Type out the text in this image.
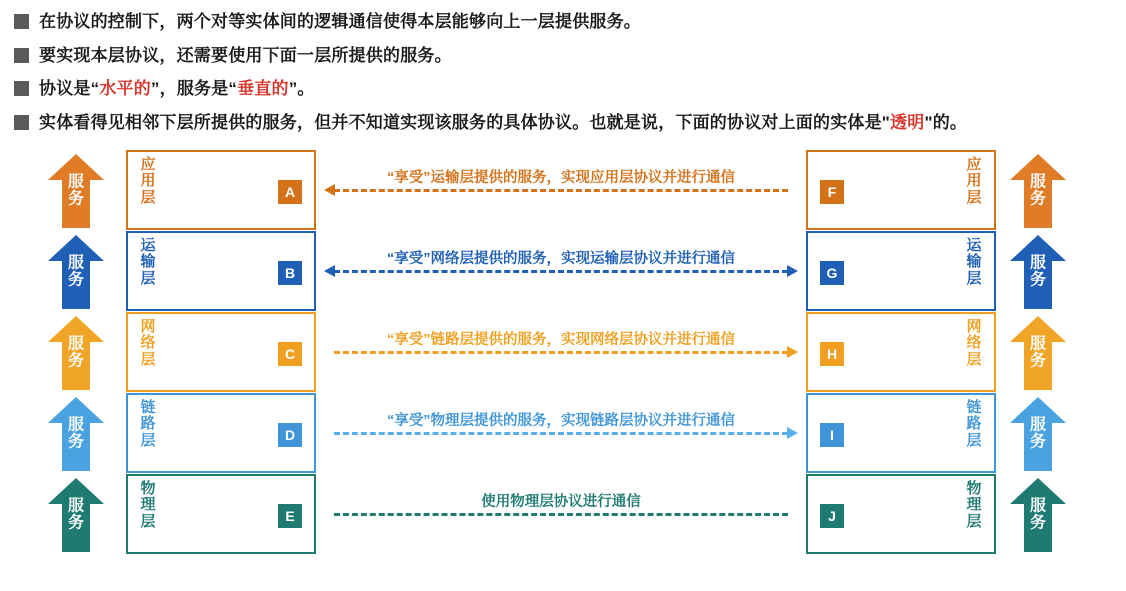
在协议的控制下，两个对等实体间的逻辑通信使得本层能够向上一层提供服务。
要实现本层协议，还需要使用下面一层所提供的服务。
协议是“水平的”，服务是“垂直的”。
实体看得见相邻下层所提供的服务，但并不知道实现该服务的具体协议。也就是说，下面的协议对上面的实体是"透明"的。
服
务
服
务
应
用
层	A
应
用
层
F
“享受”运输层提供的服务，实现应用层协议并进行通信
服
务
服
务
运
输
层	B
运
输
层
G
“享受”网络层提供的服务，实现运输层协议并进行通信
服
务
服
务
网
络
层	C
网
络
层
H
“享受”链路层提供的服务，实现网络层协议并进行通信
服
务
服
务
链
路
层	D
链
路
层
I
“享受”物理层提供的服务，实现链路层协议并进行通信
服
务
服
务
物
理
层	E
物
理
层
J
使用物理层协议进行通信
